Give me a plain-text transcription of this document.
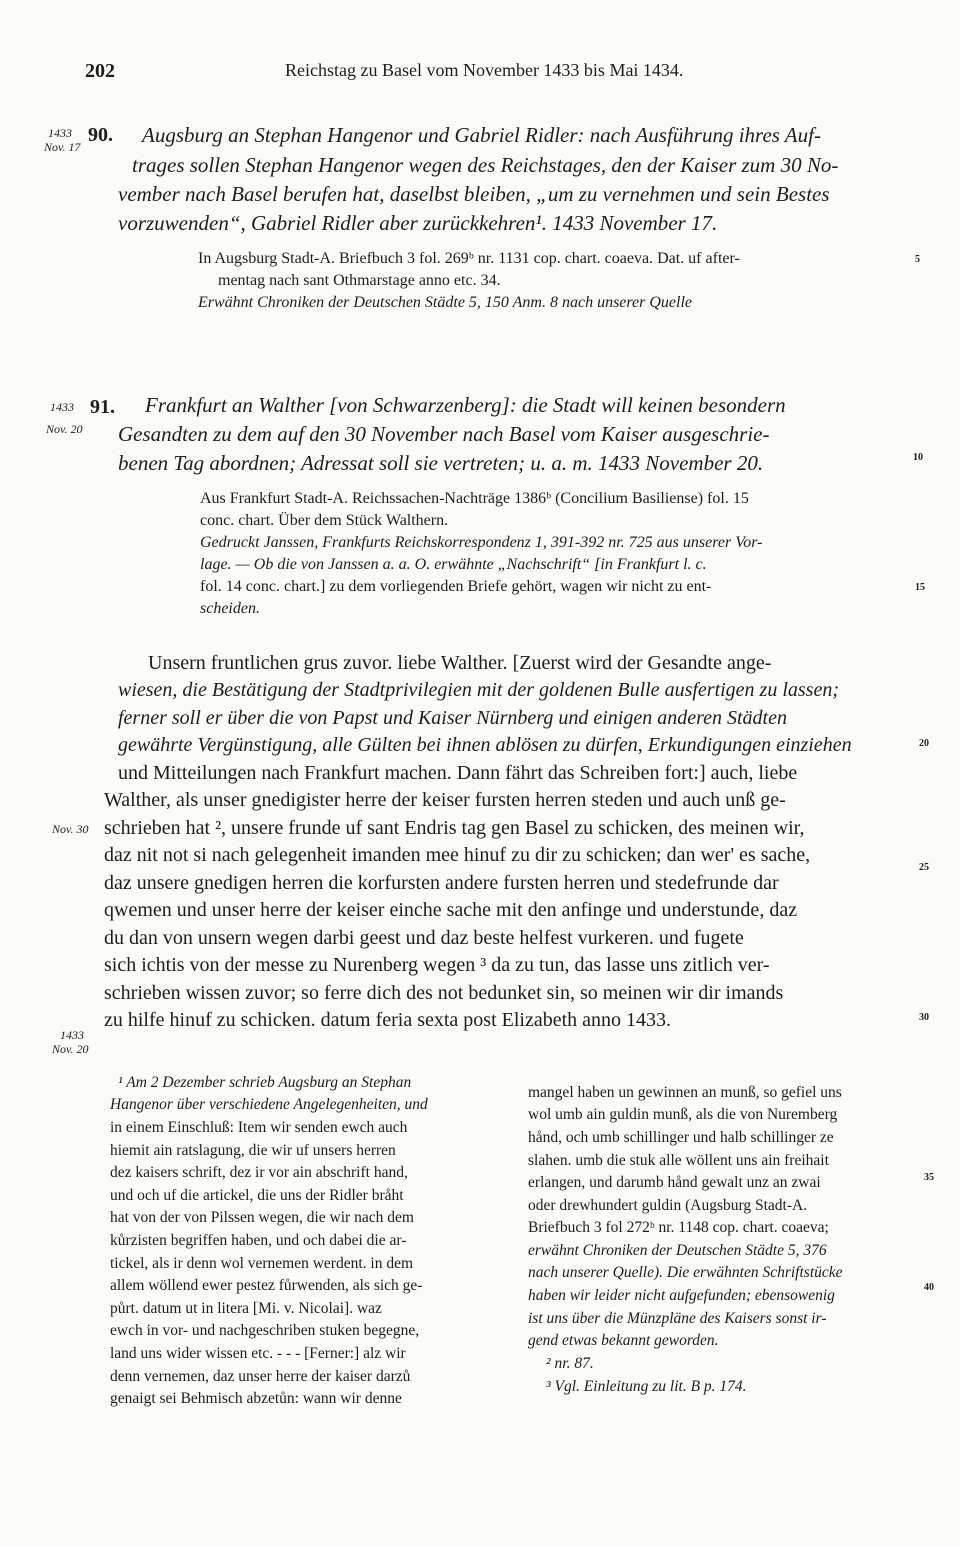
202	Reichstag zu Basel vom November 1433 bis Mai 1434.
1433
Nov. 17
90. Augsburg an Stephan Hangenor und Gabriel Ridler: nach Ausführung ihres Auf-
trages sollen Stephan Hangenor wegen des Reichstages, den der Kaiser zum 30 No-
vember nach Basel berufen hat, daselbst bleiben, „um zu vernehmen und sein Bestes
vorzuwenden“, Gabriel Ridler aber zurückkehren¹. 1433 November 17.
In Augsburg Stadt-A. Briefbuch 3 fol. 269ᵇ nr. 1131 cop. chart. coaeva. Dat. uf after-	5
mentag nach sant Othmarstage anno etc. 34.
Erwähnt Chroniken der Deutschen Städte 5, 150 Anm. 8 nach unserer Quelle
1433
Nov. 20
91. Frankfurt an Walther [von Schwarzenberg]: die Stadt will keinen besondern
Gesandten zu dem auf den 30 November nach Basel vom Kaiser ausgeschrie-
benen Tag abordnen; Adressat soll sie vertreten; u. a. m. 1433 November 20.	10
Aus Frankfurt Stadt-A. Reichssachen-Nachträge 1386ᵇ (Concilium Basiliense) fol. 15
conc. chart. Über dem Stück Walthern.
Gedruckt Janssen, Frankfurts Reichskorrespondenz 1, 391-392 nr. 725 aus unserer Vor-
lage. — Ob die von Janssen a. a. O. erwähnte „Nachschrift“ [in Frankfurt l. c.
fol. 14 conc. chart.] zu dem vorliegenden Briefe gehört, wagen wir nicht zu ent-	15
scheiden.
Unsern fruntlichen grus zuvor. liebe Walther. [Zuerst wird der Gesandte ange-
wiesen, die Bestätigung der Stadtprivilegien mit der goldenen Bulle ausfertigen zu lassen;
ferner soll er über die von Papst und Kaiser Nürnberg und einigen anderen Städten
gewährte Vergünstigung, alle Gülten bei ihnen ablösen zu dürfen, Erkundigungen einziehen	20
und Mitteilungen nach Frankfurt machen. Dann fährt das Schreiben fort:] auch, liebe
Walther, als unser gnedigister herre der keiser fursten herren steden und auch unß ge-
Nov. 30 schrieben hat ², unsere frunde uf sant Endris tag gen Basel zu schicken, des meinen wir,
daz nit not si nach gelegenheit imanden mee hinuf zu dir zu schicken; dan wer' es sache,
daz unsere gnedigen herren die korfursten andere fursten herren und stedefrunde dar
25
qwemen und unser herre der keiser einche sache mit den anfinge und understunde, daz
du dan von unsern wegen darbi geest und daz beste helfest vurkeren. und fugete
sich ichtis von der messe zu Nurenberg wegen ³ da zu tun, das lasse uns zitlich ver-
schrieben wissen zuvor; so ferre dich des not bedunket sin, so meinen wir dir imands
1433
Nov. 20
zu hilfe hinuf zu schicken. datum feria sexta post Elizabeth anno 1433.	30
¹ Am 2 Dezember schrieb Augsburg an Stephan
Hangenor über verschiedene Angelegenheiten, und
in einem Einschluß: Item wir senden ewch auch
hiemit ain ratslagung, die wir uf unsers herren
dez kaisers schrift, dez ir vor ain abschrift hand,
und och uf die artickel, die uns der Ridler bråht
hat von der von Pilssen wegen, die wir nach dem
kůrzisten begriffen haben, und och dabei die ar-
tickel, als ir denn wol vernemen werdent. in dem
allem wöllend ewer pestez fůrwenden, als sich ge-
půrt. datum ut in litera [Mi. v. Nicolai]. waz
ewch in vor- und nachgeschriben stuken begegne,
land uns wider wissen etc. - - - [Ferner:] alz wir
denn vernemen, daz unser herre der kaiser darzů
genaigt sei Behmisch abzetůn: wann wir denne
mangel haben un gewinnen an munß, so gefiel uns
wol umb ain guldin munß, als die von Nuremberg
hånd, och umb schillinger und halb schillinger ze
slahen. umb die stuk alle wöllent uns ain freihait
erlangen, und darumb hånd gewalt unz an zwai	35
oder drewhundert guldin (Augsburg Stadt-A.
Briefbuch 3 fol 272ᵇ nr. 1148 cop. chart. coaeva;
erwähnt Chroniken der Deutschen Städte 5, 376
nach unserer Quelle). Die erwähnten Schriftstücke
haben wir leider nicht aufgefunden; ebensowenig	40
ist uns über die Münzpläne des Kaisers sonst ir-
gend etwas bekannt geworden.
² nr. 87.
³ Vgl. Einleitung zu lit. B p. 174.
